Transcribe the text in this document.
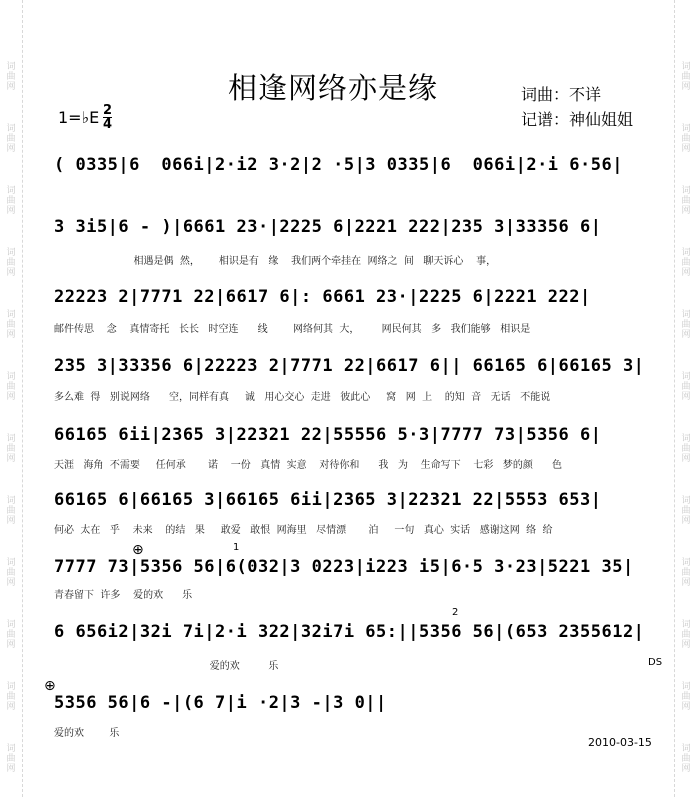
词
曲
网
词
曲
网
词
曲
网
词
曲
网
词
曲
网
词
曲
网
词
曲
网
词
曲
网
词
曲
网
词
曲
网
词
曲
网
词
曲
网
词
曲
网
词
曲
网
词
曲
网
词
曲
网
词
曲
网
词
曲
网
词
曲
网
词
曲
网
词
曲
网
词
曲
网
词
曲
网
词
曲
网
相逢网络亦是缘	词曲：不详
记谱：神仙姐姐
1=♭E 2
4
( 0335|6  066i|2·i2 3·2|2 ·5|3 0335|6  066i|2·i 6·56|
3 3i5|6 - )|6661 23·|2225 6|2221 222|235 3|33356 6|
相遇是偶  然，      相识是有   缘    我们两个牵挂在  网络之  间   聊天诉心    事，
22223 2|7771 22|6617 6|: 6661 23·|2225 6|2221 222|
邮件传思    念    真情寄托   长长   时空连      线        网络何其  大，       网民何其   多   我们能够   相识是
235 3|33356 6|22223 2|7771 22|6617 6|| 66165 6|66165 3|
多么难  得   别说网络      空，同样有真     诚   用心交心  走进   彼此心     窝   网  上    的知  音   无话   不能说
66165 6ii|2365 3|22321 22|55556 5·3|7777 73|5356 6|
天涯   海角  不需要     任何承       诺    一份   真情  实意    对待你和      我   为    生命写下    七彩   梦的颜      色
66165 6|66165 3|66165 6ii|2365 3|22321 22|5553 653|
何必  太在   乎    未来    的结   果     敢爱   敢恨  网海里   尽情漂       泊     一句   真心  实话   感谢这网  络  给
⊕	1
7777 73|5356 56|6(032|3 0223|i223 i5|6·5 3·23|5221 35|
青春留下  许多    爱的欢      乐
2
6 656i2|32i 7i|2·i 322|32i7i 65:||5356 56|(653 2355612|
爱的欢         乐	DS
⊕
5356 56|6 -|(6 7|i ·2|3 -|3 0||
爱的欢        乐
2010-03-15
